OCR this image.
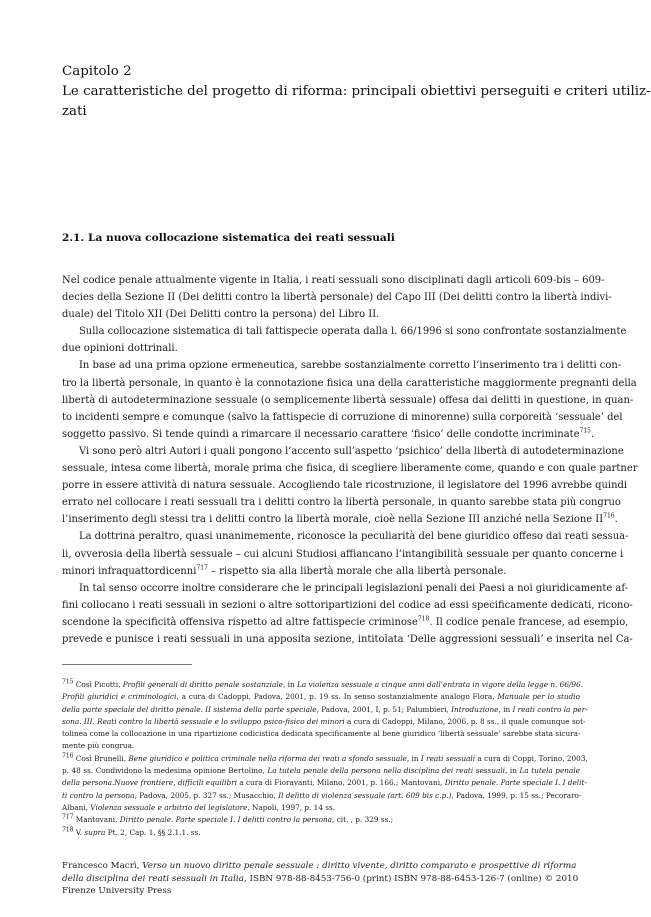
Capitolo 2
Le caratteristiche del progetto di riforma: principali obiettivi perseguiti e criteri utiliz-
zati
2.1. La nuova collocazione sistematica dei reati sessuali
Nel codice penale attualmente vigente in Italia, i reati sessuali sono disciplinati dagli articoli 609-bis – 609-
decies della Sezione II (Dei delitti contro la libertà personale) del Capo III (Dei delitti contro la libertà indivi-
duale) del Titolo XII (Dei Delitti contro la persona) del Libro II.
Sulla collocazione sistematica di tali fattispecie operata dalla l. 66/1996 si sono confrontate sostanzialmente
due opinioni dottrinali.
In base ad una prima opzione ermeneutica, sarebbe sostanzialmente corretto l’inserimento tra i delitti con-
tro la libertà personale, in quanto è la connotazione fisica una della caratteristiche maggiormente pregnanti della
libertà di autodeterminazione sessuale (o semplicemente libertà sessuale) offesa dai delitti in questione, in quan-
to incidenti sempre e comunque (salvo la fattispecie di corruzione di minorenne) sulla corporeità ‘sessuale’ del
soggetto passivo. Si tende quindi a rimarcare il necessario carattere ‘fisico’ delle condotte incriminate$^{715}$.
Vi sono però altri Autori i quali pongono l’accento sull’aspetto ‘psichico’ della libertà di autodeterminazione
sessuale, intesa come libertà, morale prima che fisica, di scegliere liberamente come, quando e con quale partner
porre in essere attività di natura sessuale. Accogliendo tale ricostruzione, il legislatore del 1996 avrebbe quindi
errato nel collocare i reati sessuali tra i delitti contro la libertà personale, in quanto sarebbe stata più congruo
l’inserimento degli stessi tra i delitti contro la libertà morale, cioè nella Sezione III anziché nella Sezione II$^{716}$.
La dottrina peraltro, quasi unanimemente, riconosce la peculiarità del bene giuridico offeso dai reati sessua-
li, ovverosia della libertà sessuale – cui alcuni Studiosi affiancano l’intangibilità sessuale per quanto concerne i
minori infraquattordicenni$^{717}$ – rispetto sia alla libertà morale che alla libertà personale.
In tal senso occorre inoltre considerare che le principali legislazioni penali dei Paesi a noi giuridicamente af-
fini collocano i reati sessuali in sezioni o altre sottoripartizioni del codice ad essi specificamente dedicati, ricono-
scendone la specificità offensiva rispetto ad altre fattispecie criminose$^{718}$. Il codice penale francese, ad esempio,
prevede e punisce i reati sessuali in una apposita sezione, intitolata ‘Delle aggressioni sessuali’ e inserita nel Ca-
$^{715}$ Così Picotti, Profili generali di diritto penale sostanziale, in La violenza sessuale a cinque anni dall’entrata in vigore della legge n. 66/96.
Profili giuridici e criminologici, a cura di Cadoppi, Padova, 2001, p. 19 ss. In senso sostanzialmente analogo Flora, Manuale per lo studio
della parte speciale del diritto penale. II sistema della parte speciale, Padova, 2001, I, p. 51; Palumbieri, Introduzione, in I reati contro la per-
sona. III. Reati contro la libertà sessuale e lo sviluppo psico-fisico dei minori a cura di Cadoppi, Milano, 2006, p. 8 ss., il quale comunque sot-
tolinea come la collocazione in una ripartizione codicistica dedicata specificamente al bene giuridico ‘libertà sessuale’ sarebbe stata sicura-
mente più congrua.
$^{716}$ Così Brunelli, Bene giuridico e politica criminale nella riforma dei reati a sfondo sessuale, in I reati sessuali a cura di Coppi, Torino, 2003,
p. 48 ss. Condividono la medesima opinione Bertolino, La tutela penale della persona nella disciplina dei reati sessuali, in La tutela penale
della persona.Nuove frontiere, difficili equilibri a cura di Fioravanti, Milano, 2001, p. 166.; Mantovani, Diritto penale. Parte speciale I. I delit-
ti contro la persona, Padova, 2005, p. 327 ss.; Musacchio, Il delitto di violenza sessuale (art. 609 bis c.p.), Padova, 1999, p. 15 ss.; Pecoraro-
Albani, Violenza sessuale e arbitrio del legislatore, Napoli, 1997, p. 14 ss.
$^{717}$ Mantovani, Diritto penale. Parte speciale I. I delitti contro la persona, cit. , p. 329 ss.;
$^{718}$ V. supra Pt. 2, Cap. 1, §§ 2.1.1. ss.
Francesco Macrì, Verso un nuovo diritto penale sessuale : diritto vivente, diritto comparato e prospettive di riforma
della disciplina dei reati sessuali in Italia, ISBN 978-88-8453-756-0 (print) ISBN 978-88-6453-126-7 (online) © 2010
Firenze University Press
